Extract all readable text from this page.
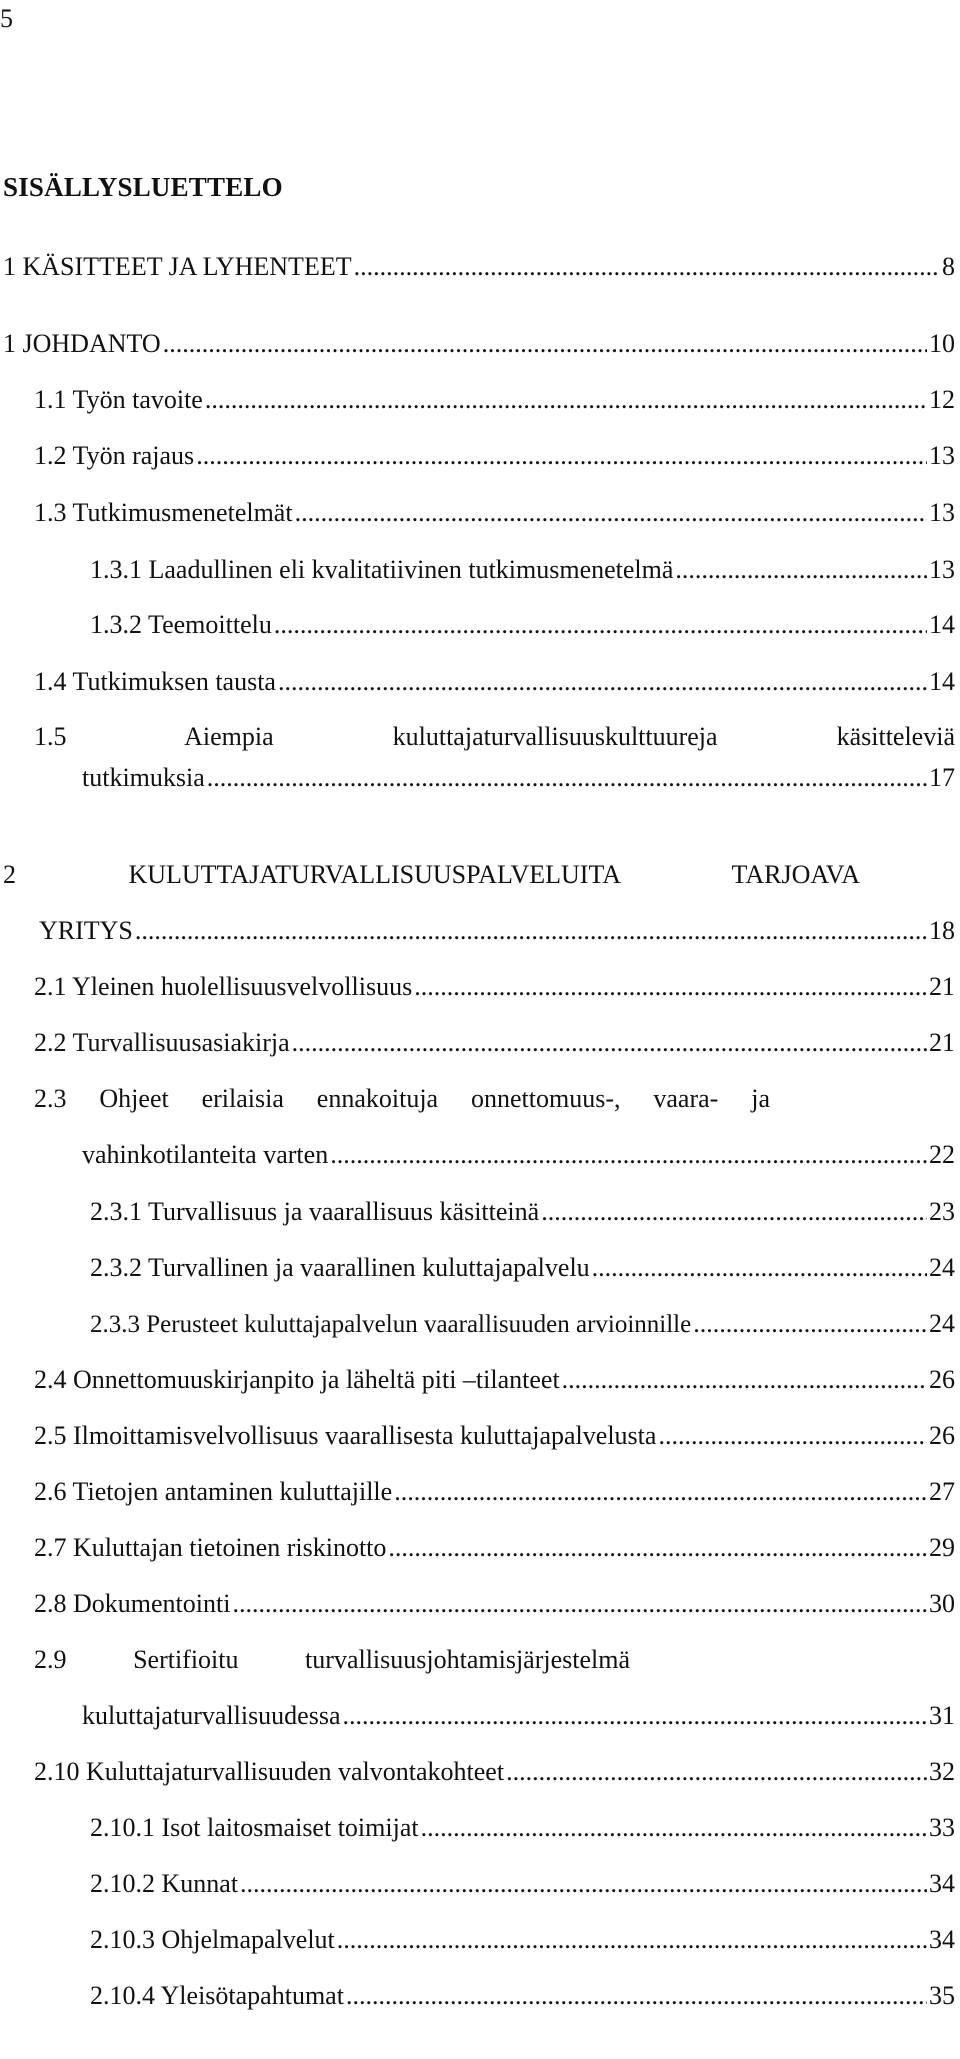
5
SISÄLLYSLUETTELO
1 KÄSITTEET JA LYHENTEET .....	8
1 JOHDANTO .....	10
1.1 Työn tavoite .....	12
1.2 Työn rajaus .....	13
1.3 Tutkimusmenetelmät .....	13
1.3.1 Laadullinen eli kvalitatiivinen tutkimusmenetelmä .....	13
1.3.2 Teemoittelu .....	14
1.4 Tutkimuksen tausta .....	14
1.5 Aiempia kuluttajaturvallisuuskulttuureja käsitteleviä
tutkimuksia .....	17
2 KULUTTAJATURVALLISUUSPALVELUITA TARJOAVA
YRITYS .....	18
2.1 Yleinen huolellisuusvelvollisuus .....	21
2.2 Turvallisuusasiakirja .....	21
2.3 Ohjeet erilaisia ennakoituja onnettomuus-, vaara- ja
vahinkotilanteita varten .....	22
2.3.1 Turvallisuus ja vaarallisuus käsitteinä .....	23
2.3.2 Turvallinen ja vaarallinen kuluttajapalvelu .....	24
2.3.3 Perusteet kuluttajapalvelun vaarallisuuden arvioinnille .....	24
2.4 Onnettomuuskirjanpito ja läheltä piti –tilanteet .....	26
2.5 Ilmoittamisvelvollisuus vaarallisesta kuluttajapalvelusta .....	26
2.6 Tietojen antaminen kuluttajille .....	27
2.7 Kuluttajan tietoinen riskinotto .....	29
2.8 Dokumentointi .....	30
2.9 Sertifioitu turvallisuusjohtamisjärjestelmä
kuluttajaturvallisuudessa .....	31
2.10 Kuluttajaturvallisuuden valvontakohteet .....	32
2.10.1 Isot laitosmaiset toimijat .....	33
2.10.2 Kunnat .....	34
2.10.3 Ohjelmapalvelut .....	34
2.10.4 Yleisötapahtumat .....	35
